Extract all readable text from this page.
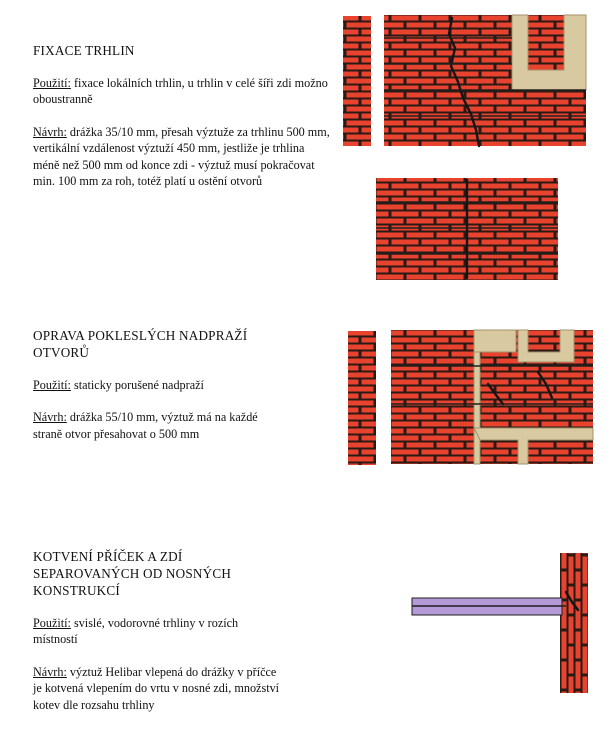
FIXACE TRHLIN
Použití: fixace lokálních trhlin, u trhlin v celé šíři zdi možno oboustranně
Návrh: drážka 35/10 mm, přesah výztuže za trhlinu 500 mm, vertikální vzdálenost výztuží 450 mm, jestliže je trhlina méně než 500 mm od konce zdi - výztuž musí pokračovat min. 100 mm za roh, totéž platí u ostění otvorů
OPRAVA POKLESLÝCH NADPRAŽÍ OTVORŮ
Použití: staticky porušené nadpraží
Návrh: drážka 55/10 mm, výztuž má na každé straně otvor přesahovat o 500 mm
KOTVENÍ PŘÍČEK A ZDÍ SEPAROVANÝCH OD NOSNÝCH KONSTRUKCÍ
Použití: svislé, vodorovné trhliny v rozích místností
Návrh: výztuž Helibar vlepená do drážky v příčce je kotvená vlepením do vrtu v nosné zdi, množství kotev dle rozsahu trhliny
